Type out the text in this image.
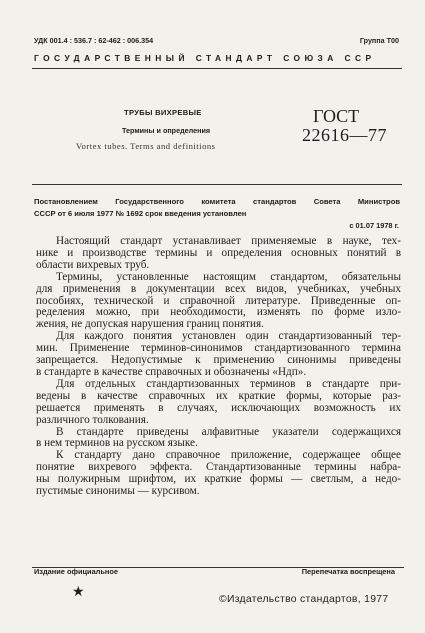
УДК 001.4 : 536.7 : 62-462 : 006.354	Группа Т00
ГОСУДАРСТВЕННЫЙ СТАНДАРТ СОЮЗА ССР
ТРУБЫ ВИХРЕВЫЕ
Термины и определения
Vortex tubes. Terms and definitions
ГОСТ
22616—77
Постановлением Государственного комитета стандартов Совета Министров
СССР от 6 июля 1977 № 1692 срок введения установлен
с 01.07 1978 г.
Настоящий стандарт устанавливает применяемые в науке, тех-
нике и производстве термины и определения основных понятий в
области вихревых труб.
Термины, установленные настоящим стандартом, обязательны
для применения в документации всех видов, учебниках, учебных
пособиях, технической и справочной литературе. Приведенные оп-
ределения можно, при необходимости, изменять по форме изло-
жения, не допуская нарушения границ понятия.
Для каждого понятия установлен один стандартизованный тер-
мин. Применение терминов-синонимов стандартизованного термина
запрещается. Недопустимые к применению синонимы приведены
в стандарте в качестве справочных и обозначены «Ндп».
Для отдельных стандартизованных терминов в стандарте при-
ведены в качестве справочных их краткие формы, которые раз-
решается применять в случаях, исключающих возможность их
различного толкования.
В стандарте приведены алфавитные указатели содержащихся
в нем терминов на русском языке.
К стандарту дано справочное приложение, содержащее общее
понятие вихревого эффекта. Стандартизованные термины набра-
ны полужирным шрифтом, их краткие формы — светлым, а недо-
пустимые синонимы — курсивом.
Издание официальное	Перепечатка воспрещена
★	©Издательство стандартов, 1977
